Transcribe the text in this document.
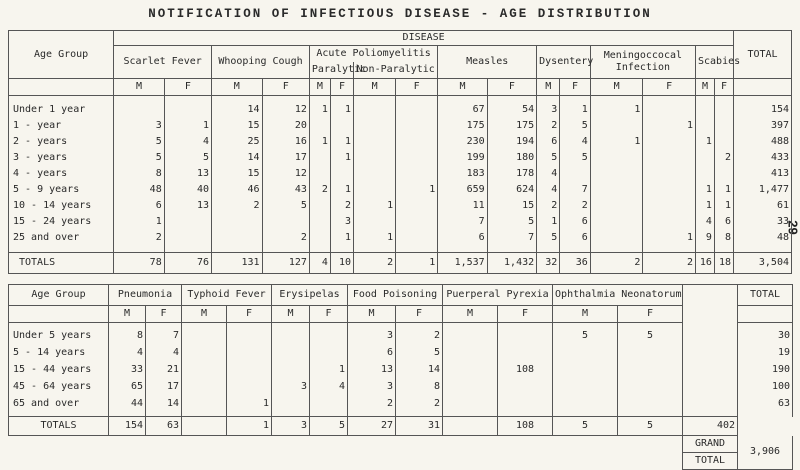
NOTIFICATION OF INFECTIOUS DISEASE - AGE DISTRIBUTION
29
Age Group	DISEASE																TOTAL
	Scarlet Fever		Whooping Cough		Acute Poliomyelitis				Measles		Dysentery		Meningoccocal Infection		Scabies		
					Paralytic		Non-Paralytic										
	M	F	M	F	M	F	M	F	M	F	M	F	M	F	M	F	

Under 1 year			14	12	1	1			67	54	3	1	1				154
1 - year	3	1	15	20					175	175	2	5		1			397
2 - years	5	4	25	16	1	1			230	194	6	4	1		1		488
3 - years	5	5	14	17		1			199	180	5	5				2	433
4 - years	8	13	15	12					183	178	4						413
5 - 9 years	48	40	46	43	2	1		1	659	624	4	7			1	1	1,477
10 - 14 years	6	13	2	5		2	1		11	15	2	2			1	1	61
15 - 24 years	1					3			7	5	1	6			4	6	33
25 and over	2			2		1	1		6	7	5	6		1	9	8	48

TOTALS	78	76	131	127	4	10	2	1	1,537	1,432	32	36	2	2	16	18	3,504
Age Group	Pneumonia		Typhoid Fever		Erysipelas		Food Poisoning		Puerperal Pyrexia		Ophthalmia Neonatorum			TOTAL
	M	F	M	F	M	F	M	F	M	F	M	F		

Under 5 years	8	7					3	2			5	5		30
5 - 14 years	4	4					6	5						19
15 - 44 years	33	21				1	13	14		108				190
45 - 64 years	65	17			3	4	3	8						100
65 and over	44	14		1			2	2						63

TOTALS	154	63		1	3	5	27	31		108	5	5	402	
													GRAND	3,906
													TOTAL	
